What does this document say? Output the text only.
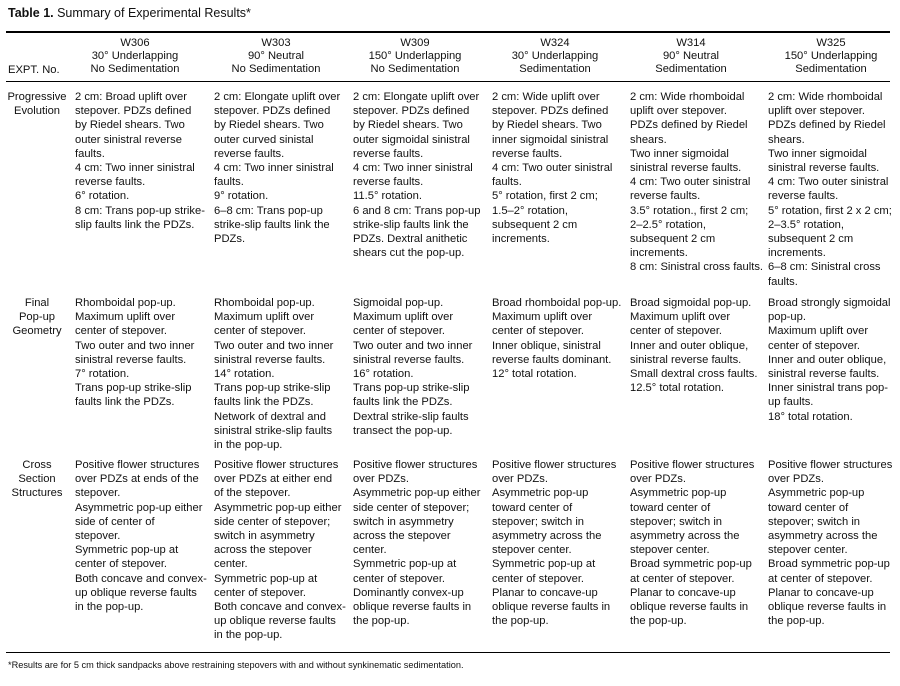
Table 1. Summary of Experimental Results*
W306
30° Underlapping
No Sedimentation
W303
90° Neutral
No Sedimentation
W309
150° Underlapping
No Sedimentation
W324
30° Underlapping
Sedimentation
W314
90° Neutral
Sedimentation
W325
150° Underlapping
Sedimentation
EXPT. No.
Progressive
Evolution
2 cm: Broad uplift over
stepover. PDZs defined
by Riedel shears. Two
outer sinistral reverse
faults.
4 cm: Two inner sinistral
reverse faults.
6° rotation.
8 cm: Trans pop-up strike-
slip faults link the PDZs.
2 cm: Elongate uplift over
stepover. PDZs defined
by Riedel shears. Two
outer curved sinistal
reverse faults.
4 cm: Two inner sinistral
faults.
9° rotation.
6–8 cm: Trans pop-up
strike-slip faults link the
PDZs.
2 cm: Elongate uplift over
stepover. PDZs defined
by Riedel shears. Two
outer sigmoidal sinistral
reverse faults.
4 cm: Two inner sinistral
reverse faults.
11.5° rotation.
6 and 8 cm: Trans pop-up
strike-slip faults link the
PDZs. Dextral anithetic
shears cut the pop-up.
2 cm: Wide uplift over
stepover. PDZs defined
by Riedel shears. Two
inner sigmoidal sinistral
reverse faults.
4 cm: Two outer sinistral
faults.
5° rotation, first 2 cm;
1.5–2° rotation,
subsequent 2 cm
increments.
2 cm: Wide rhomboidal
uplift over stepover.
PDZs defined by Riedel
shears.
Two inner sigmoidal
sinistral reverse faults.
4 cm: Two outer sinistral
reverse faults.
3.5° rotation., first 2 cm;
2–2.5° rotation,
subsequent 2 cm
increments.
8 cm: Sinistral cross faults.
2 cm: Wide rhomboidal
uplift over stepover.
PDZs defined by Riedel
shears.
Two inner sigmoidal
sinistral reverse faults.
4 cm: Two outer sinistral
reverse faults.
5° rotation, first 2 x 2 cm;
2–3.5° rotation,
subsequent 2 cm
increments.
6–8 cm: Sinistral cross
faults.
Final
Pop-up
Geometry
Rhomboidal pop-up.
Maximum uplift over
center of stepover.
Two outer and two inner
sinistral reverse faults.
7° rotation.
Trans pop-up strike-slip
faults link the PDZs.
Rhomboidal pop-up.
Maximum uplift over
center of stepover.
Two outer and two inner
sinistral reverse faults.
14° rotation.
Trans pop-up strike-slip
faults link the PDZs.
Network of dextral and
sinistral strike-slip faults
in the pop-up.
Sigmoidal pop-up.
Maximum uplift over
center of stepover.
Two outer and two inner
sinistral reverse faults.
16° rotation.
Trans pop-up strike-slip
faults link the PDZs.
Dextral strike-slip faults
transect the pop-up.
Broad rhomboidal pop-up.
Maximum uplift over
center of stepover.
Inner oblique, sinistral
reverse faults dominant.
12° total rotation.
Broad sigmoidal pop-up.
Maximum uplift over
center of stepover.
Inner and outer oblique,
sinistral reverse faults.
Small dextral cross faults.
12.5° total rotation.
Broad strongly sigmoidal
pop-up.
Maximum uplift over
center of stepover.
Inner and outer oblique,
sinistral reverse faults.
Inner sinistral trans pop-
up faults.
18° total rotation.
Cross
Section
Structures
Positive flower structures
over PDZs at ends of the
stepover.
Asymmetric pop-up either
side of center of
stepover.
Symmetric pop-up at
center of stepover.
Both concave and convex-
up oblique reverse faults
in the pop-up.
Positive flower structures
over PDZs at either end
of the stepover.
Asymmetric pop-up either
side center of stepover;
switch in asymmetry
across the stepover
center.
Symmetric pop-up at
center of stepover.
Both concave and convex-
up oblique reverse faults
in the pop-up.
Positive flower structures
over PDZs.
Asymmetric pop-up either
side center of stepover;
switch in asymmetry
across the stepover
center.
Symmetric pop-up at
center of stepover.
Dominantly convex-up
oblique reverse faults in
the pop-up.
Positive flower structures
over PDZs.
Asymmetric pop-up
toward center of
stepover; switch in
asymmetry across the
stepover center.
Symmetric pop-up at
center of stepover.
Planar to concave-up
oblique reverse faults in
the pop-up.
Positive flower structures
over PDZs.
Asymmetric pop-up
toward center of
stepover; switch in
asymmetry across the
stepover center.
Broad symmetric pop-up
at center of stepover.
Planar to concave-up
oblique reverse faults in
the pop-up.
Positive flower structures
over PDZs.
Asymmetric pop-up
toward center of
stepover; switch in
asymmetry across the
stepover center.
Broad symmetric pop-up
at center of stepover.
Planar to concave-up
oblique reverse faults in
the pop-up.
*Results are for 5 cm thick sandpacks above restraining stepovers with and without synkinematic sedimentation.
